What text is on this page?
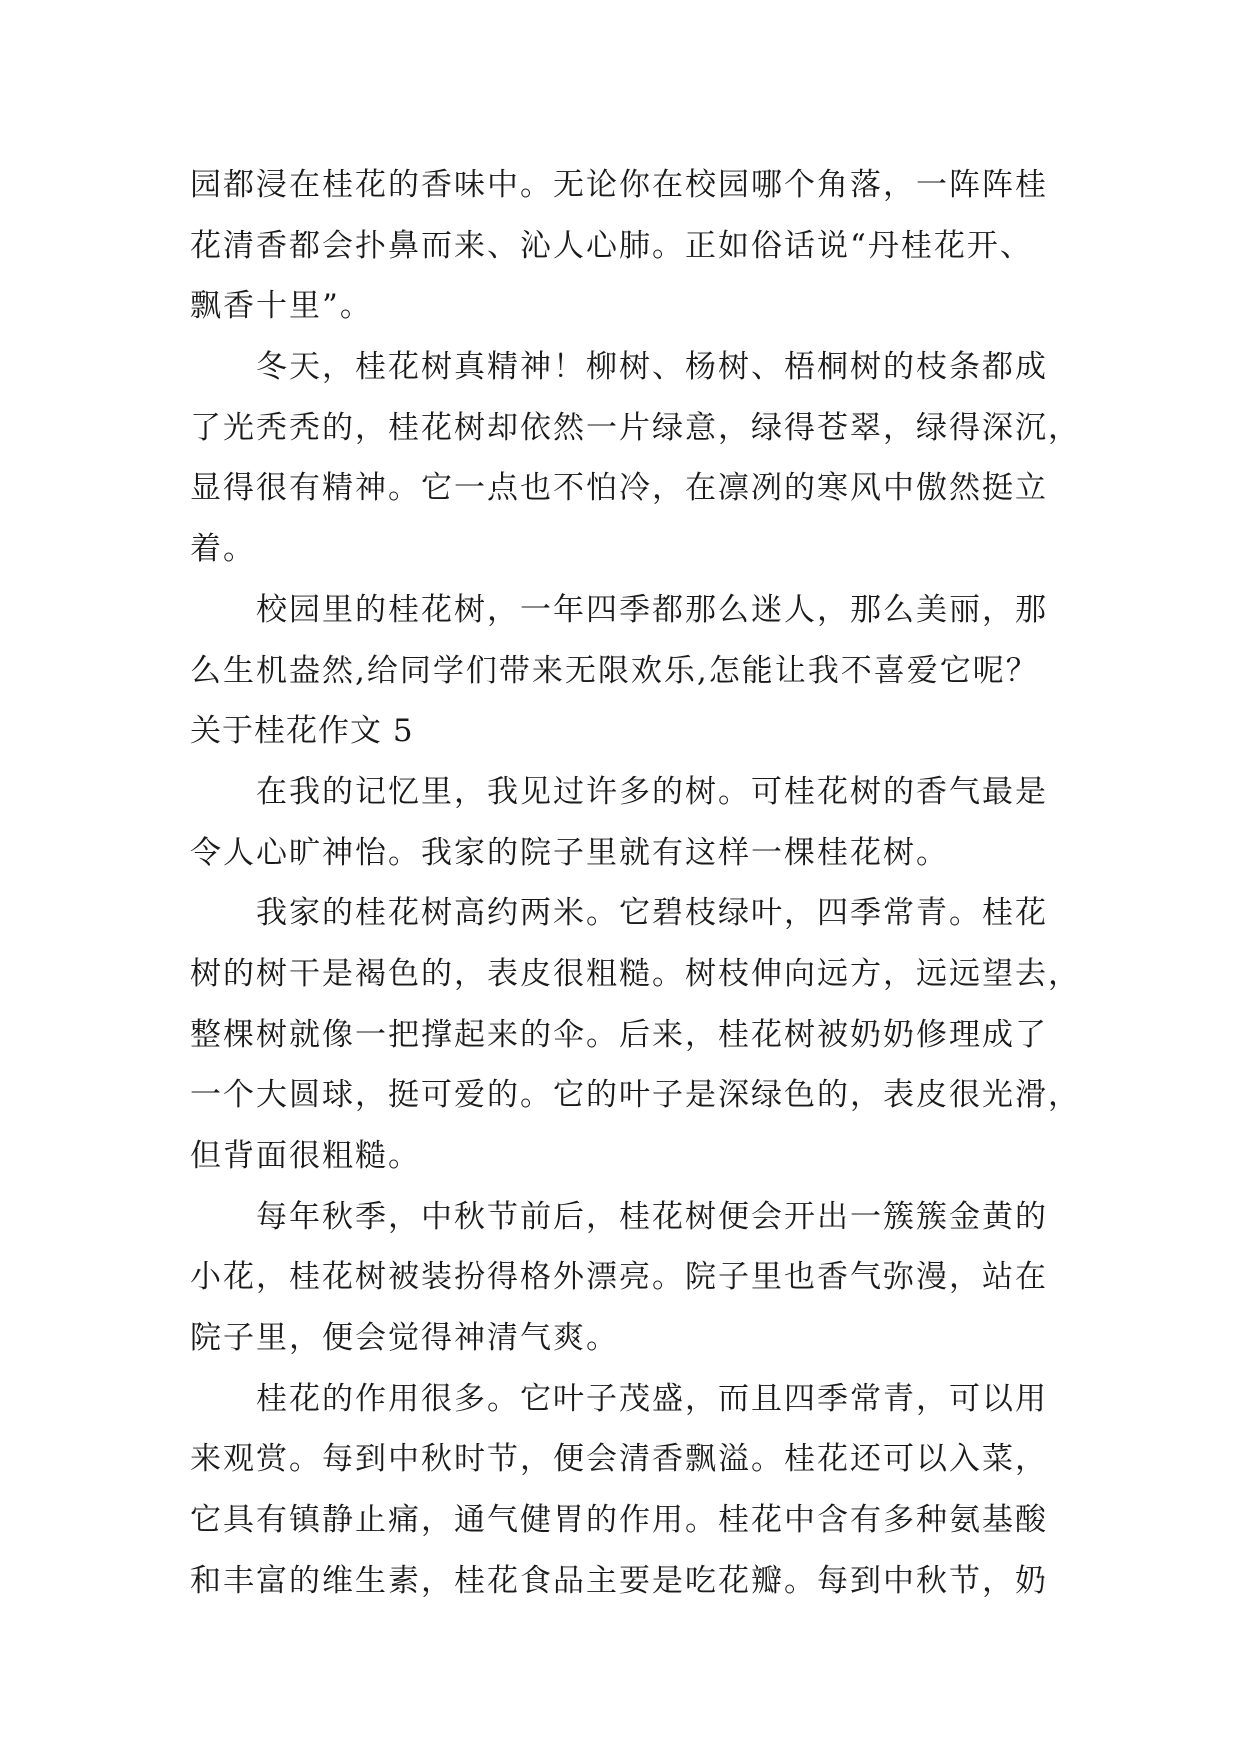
园都浸在桂花的香味中。无论你在校园哪个角落，一阵阵桂
花清香都会扑鼻而来、沁人心肺。正如俗话说“丹桂花开、
飘香十里”。
冬天，桂花树真精神！柳树、杨树、梧桐树的枝条都成
了光秃秃的，桂花树却依然一片绿意，绿得苍翠，绿得深沉，
显得很有精神。它一点也不怕冷，在凛冽的寒风中傲然挺立
着。
校园里的桂花树，一年四季都那么迷人，那么美丽，那
么生机盎然,给同学们带来无限欢乐,怎能让我不喜爱它呢？
关于桂花作文 5
在我的记忆里，我见过许多的树。可桂花树的香气最是
令人心旷神怡。我家的院子里就有这样一棵桂花树。
我家的桂花树高约两米。它碧枝绿叶，四季常青。桂花
树的树干是褐色的，表皮很粗糙。树枝伸向远方，远远望去，
整棵树就像一把撑起来的伞。后来，桂花树被奶奶修理成了
一个大圆球，挺可爱的。它的叶子是深绿色的，表皮很光滑，
但背面很粗糙。
每年秋季，中秋节前后，桂花树便会开出一簇簇金黄的
小花，桂花树被装扮得格外漂亮。院子里也香气弥漫，站在
院子里，便会觉得神清气爽。
桂花的作用很多。它叶子茂盛，而且四季常青，可以用
来观赏。每到中秋时节，便会清香飘溢。桂花还可以入菜，
它具有镇静止痛，通气健胃的作用。桂花中含有多种氨基酸
和丰富的维生素，桂花食品主要是吃花瓣。每到中秋节，奶
